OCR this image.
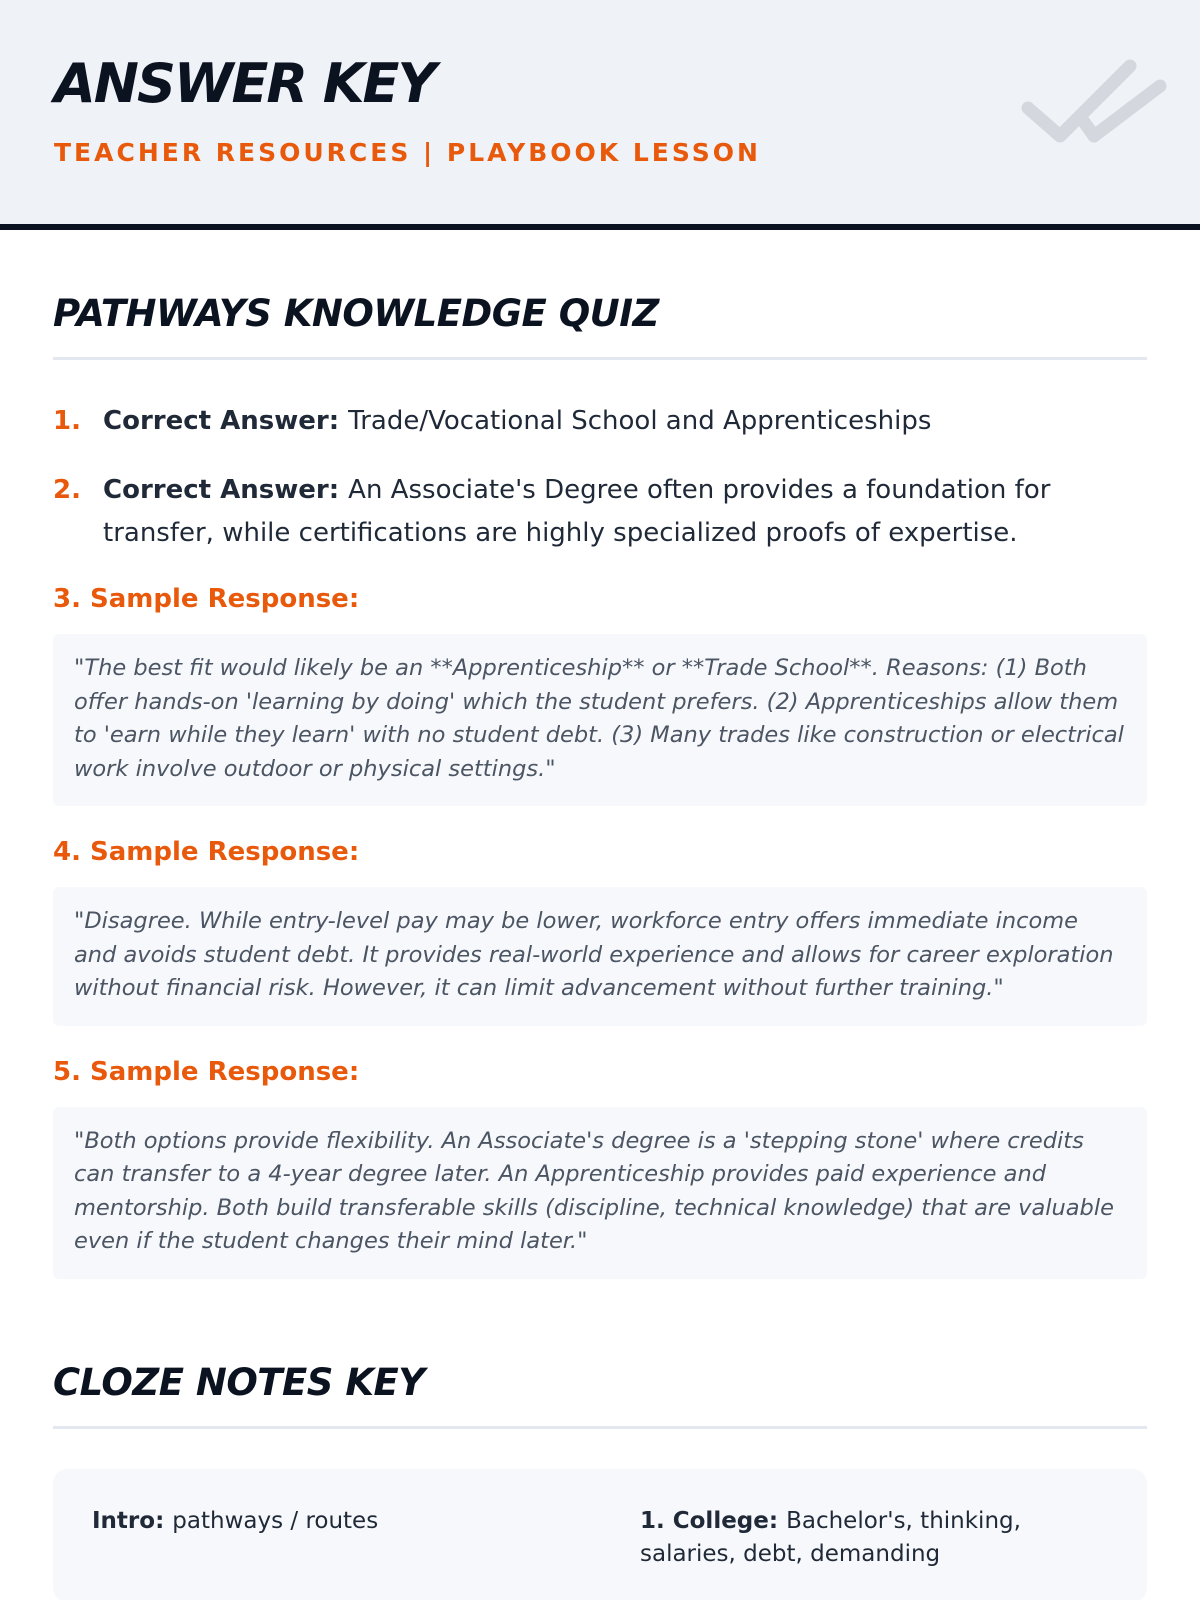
ANSWER KEY
TEACHER RESOURCES | PLAYBOOK LESSON
PATHWAYS KNOWLEDGE QUIZ
1. Correct Answer: Trade/Vocational School and Apprenticeships
2. Correct Answer: An Associate's Degree often provides a foundation for transfer, while certifications are highly specialized proofs of expertise.
3. Sample Response:
"The best fit would likely be an **Apprenticeship** or **Trade School**. Reasons: (1) Both offer hands-on 'learning by doing' which the student prefers. (2) Apprenticeships allow them to 'earn while they learn' with no student debt. (3) Many trades like construction or electrical work involve outdoor or physical settings."
4. Sample Response:
"Disagree. While entry-level pay may be lower, workforce entry offers immediate income and avoids student debt. It provides real-world experience and allows for career exploration without financial risk. However, it can limit advancement without further training."
5. Sample Response:
"Both options provide flexibility. An Associate's degree is a 'stepping stone' where credits can transfer to a 4-year degree later. An Apprenticeship provides paid experience and mentorship. Both build transferable skills (discipline, technical knowledge) that are valuable even if the student changes their mind later."
CLOZE NOTES KEY
Intro: pathways / routes	1. College: Bachelor's, thinking, salaries, debt, demanding
